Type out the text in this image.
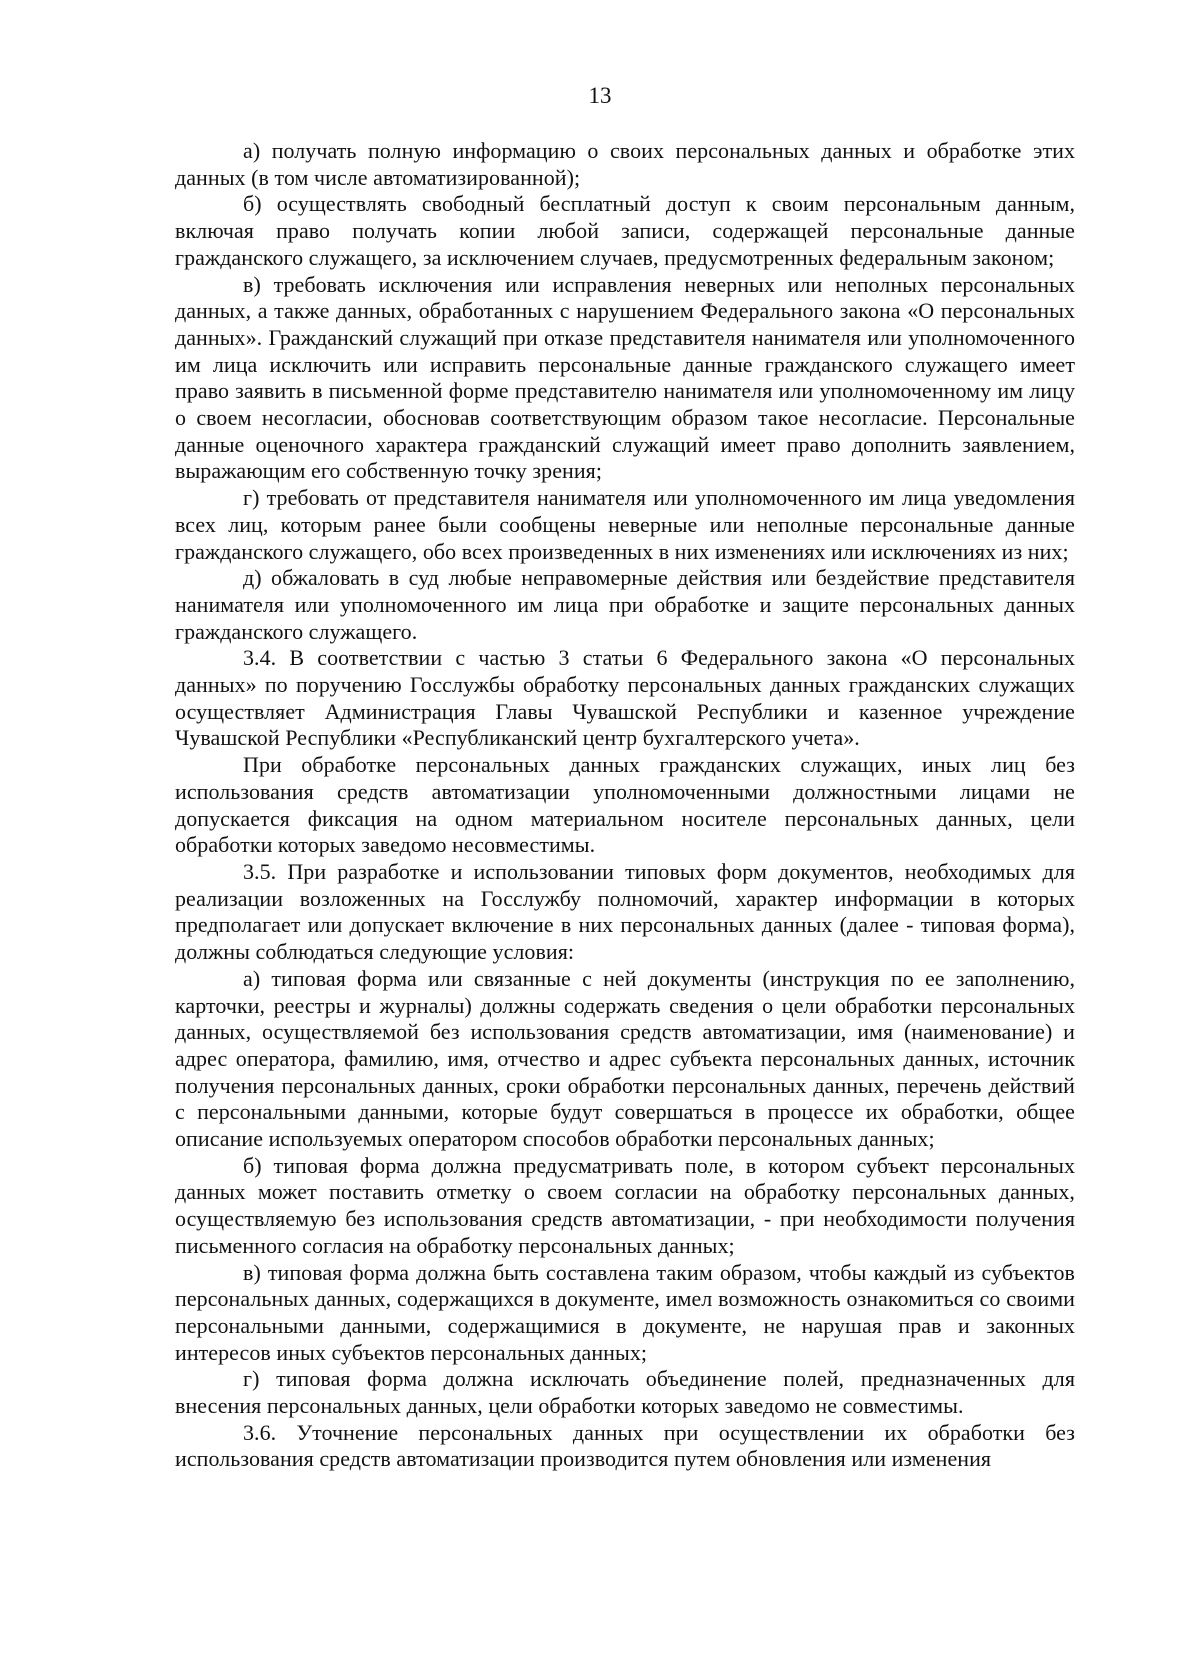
13

а) получать полную информацию о своих персональных данных и обработке этих данных (в том числе автоматизированной);

б) осуществлять свободный бесплатный доступ к своим персональным данным, включая право получать копии любой записи, содержащей персональные данные гражданского служащего, за исключением случаев, предусмотренных федеральным законом;

в) требовать исключения или исправления неверных или неполных персональных данных, а также данных, обработанных с нарушением Федерального закона «О персональных данных». Гражданский служащий при отказе представителя нанимателя или уполномоченного им лица исключить или исправить персональные данные гражданского служащего имеет право заявить в письменной форме представителю нанимателя или уполномоченному им лицу о своем несогласии, обосновав соответствующим образом такое несогласие. Персональные данные оценочного характера гражданский служащий имеет право дополнить заявлением, выражающим его собственную точку зрения;

г) требовать от представителя нанимателя или уполномоченного им лица уведомления всех лиц, которым ранее были сообщены неверные или неполные персональные данные гражданского служащего, обо всех произведенных в них изменениях или исключениях из них;

д) обжаловать в суд любые неправомерные действия или бездействие представителя нанимателя или уполномоченного им лица при обработке и защите персональных данных гражданского служащего.

3.4. В соответствии с частью 3 статьи 6 Федерального закона «О персональных данных» по поручению Госслужбы обработку персональных данных гражданских служащих осуществляет Администрация Главы Чувашской Республики и казенное учреждение Чувашской Республики «Республиканский центр бухгалтерского учета».

При обработке персональных данных гражданских служащих, иных лиц без использования средств автоматизации уполномоченными должностными лицами не допускается фиксация на одном материальном носителе персональных данных, цели обработки которых заведомо несовместимы.

3.5. При разработке и использовании типовых форм документов, необходимых для реализации возложенных на Госслужбу полномочий, характер информации в которых предполагает или допускает включение в них персональных данных (далее - типовая форма), должны соблюдаться следующие условия:

а) типовая форма или связанные с ней документы (инструкция по ее заполнению, карточки, реестры и журналы) должны содержать сведения о цели обработки персональных данных, осуществляемой без использования средств автоматизации, имя (наименование) и адрес оператора, фамилию, имя, отчество и адрес субъекта персональных данных, источник получения персональных данных, сроки обработки персональных данных, перечень действий с персональными данными, которые будут совершаться в процессе их обработки, общее описание используемых оператором способов обработки персональных данных;

б) типовая форма должна предусматривать поле, в котором субъект персональных данных может поставить отметку о своем согласии на обработку персональных данных, осуществляемую без использования средств автоматизации, - при необходимости получения письменного согласия на обработку персональных данных;

в) типовая форма должна быть составлена таким образом, чтобы каждый из субъектов персональных данных, содержащихся в документе, имел возможность ознакомиться со своими персональными данными, содержащимися в документе, не нарушая прав и законных интересов иных субъектов персональных данных;

г) типовая форма должна исключать объединение полей, предназначенных для внесения персональных данных, цели обработки которых заведомо не совместимы.

3.6. Уточнение персональных данных при осуществлении их обработки без использования средств автоматизации производится путем обновления или изменения
